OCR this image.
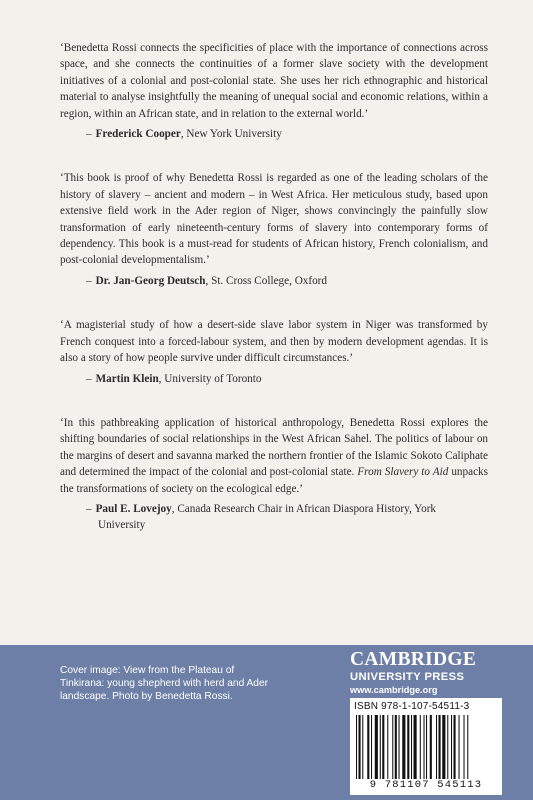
‘Benedetta Rossi connects the specificities of place with the importance of connections across space, and she connects the continuities of a former slave society with the development initiatives of a colonial and post-colonial state. She uses her rich ethnographic and historical material to analyse insightfully the meaning of unequal social and economic relations, within a region, within an African state, and in relation to the external world.’

– Frederick Cooper, New York University

‘This book is proof of why Benedetta Rossi is regarded as one of the leading scholars of the history of slavery – ancient and modern – in West Africa. Her meticulous study, based upon extensive field work in the Ader region of Niger, shows convincingly the painfully slow transformation of early nineteenth-century forms of slavery into contemporary forms of dependency. This book is a must-read for students of African history, French colonialism, and post-colonial developmentalism.’

– Dr. Jan-Georg Deutsch, St. Cross College, Oxford

‘A magisterial study of how a desert-side slave labor system in Niger was transformed by French conquest into a forced-labour system, and then by modern development agendas. It is also a story of how people survive under difficult circumstances.’

– Martin Klein, University of Toronto

‘In this pathbreaking application of historical anthropology, Benedetta Rossi explores the shifting boundaries of social relationships in the West African Sahel. The politics of labour on the margins of desert and savanna marked the northern frontier of the Islamic Sokoto Caliphate and determined the impact of the colonial and post-colonial state. From Slavery to Aid unpacks the transformations of society on the ecological edge.’

– Paul E. Lovejoy, Canada Research Chair in African Diaspora History, York
University
Cover image: View from the Plateau of Tinkirana: young shepherd with herd and Ader landscape. Photo by Benedetta Rossi.
CAMBRIDGE
UNIVERSITY PRESS
www.cambridge.org
ISBN 978-1-107-54511-3
9 781107 545113
